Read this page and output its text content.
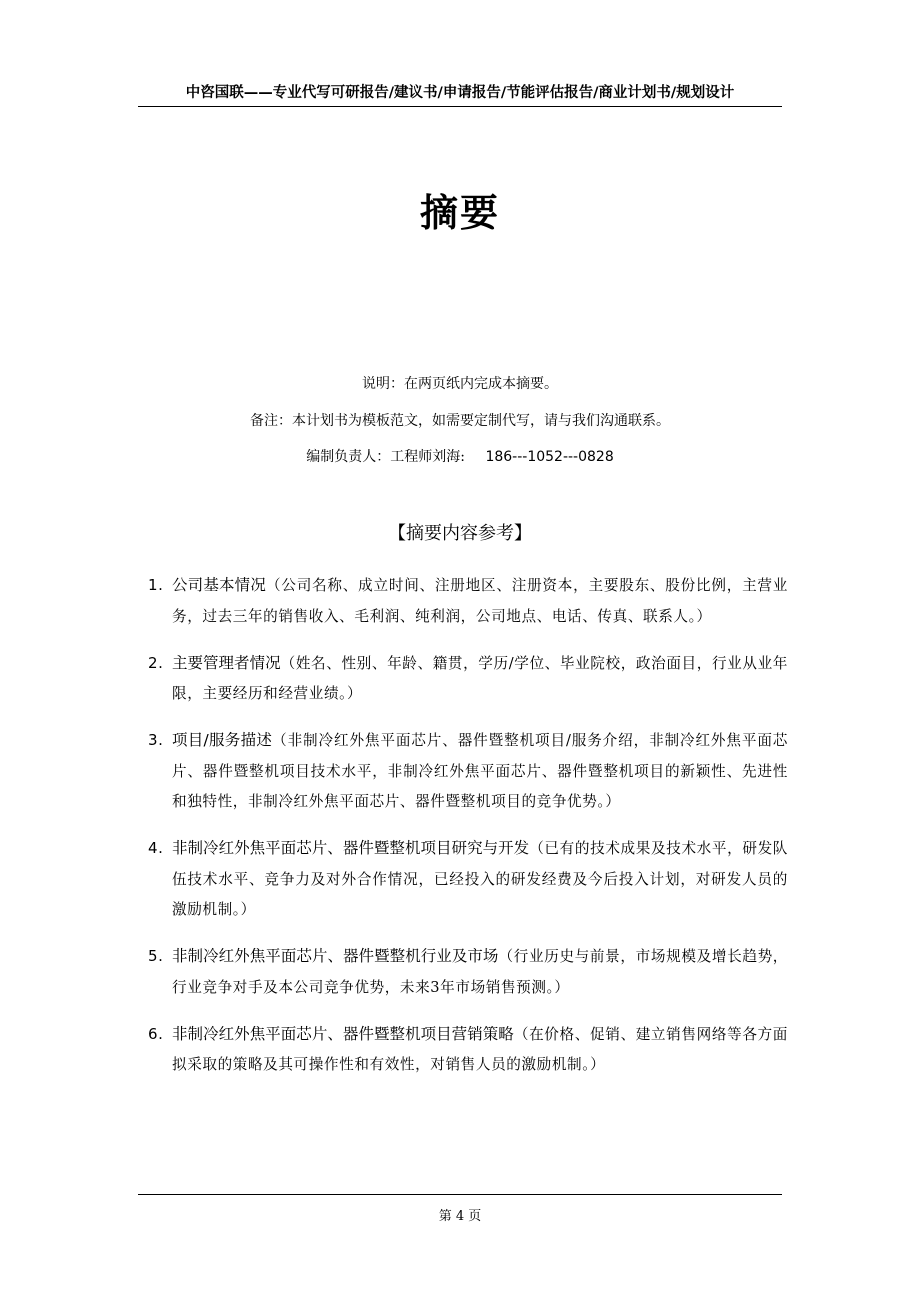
中咨国联——专业代写可研报告/建议书/申请报告/节能评估报告/商业计划书/规划设计
摘要
说明：在两页纸内完成本摘要。
备注：本计划书为模板范文，如需要定制代写，请与我们沟通联系。
编制负责人：工程师刘海: 186---1052---0828
【摘要内容参考】
1. 公司基本情况（公司名称、成立时间、注册地区、注册资本，主要股东、股份比例，主营业务，过去三年的销售收入、毛利润、纯利润，公司地点、电话、传真、联系人。）
2. 主要管理者情况（姓名、性别、年龄、籍贯，学历/学位、毕业院校，政治面目，行业从业年限，主要经历和经营业绩。）
3. 项目/服务描述（非制冷红外焦平面芯片、器件暨整机项目/服务介绍，非制冷红外焦平面芯片、器件暨整机项目技术水平，非制冷红外焦平面芯片、器件暨整机项目的新颖性、先进性和独特性，非制冷红外焦平面芯片、器件暨整机项目的竞争优势。）
4. 非制冷红外焦平面芯片、器件暨整机项目研究与开发（已有的技术成果及技术水平，研发队伍技术水平、竞争力及对外合作情况，已经投入的研发经费及今后投入计划，对研发人员的激励机制。）
5. 非制冷红外焦平面芯片、器件暨整机行业及市场（行业历史与前景，市场规模及增长趋势，行业竞争对手及本公司竞争优势，未来3年市场销售预测。）
6. 非制冷红外焦平面芯片、器件暨整机项目营销策略（在价格、促销、建立销售网络等各方面拟采取的策略及其可操作性和有效性，对销售人员的激励机制。）
第 4 页
